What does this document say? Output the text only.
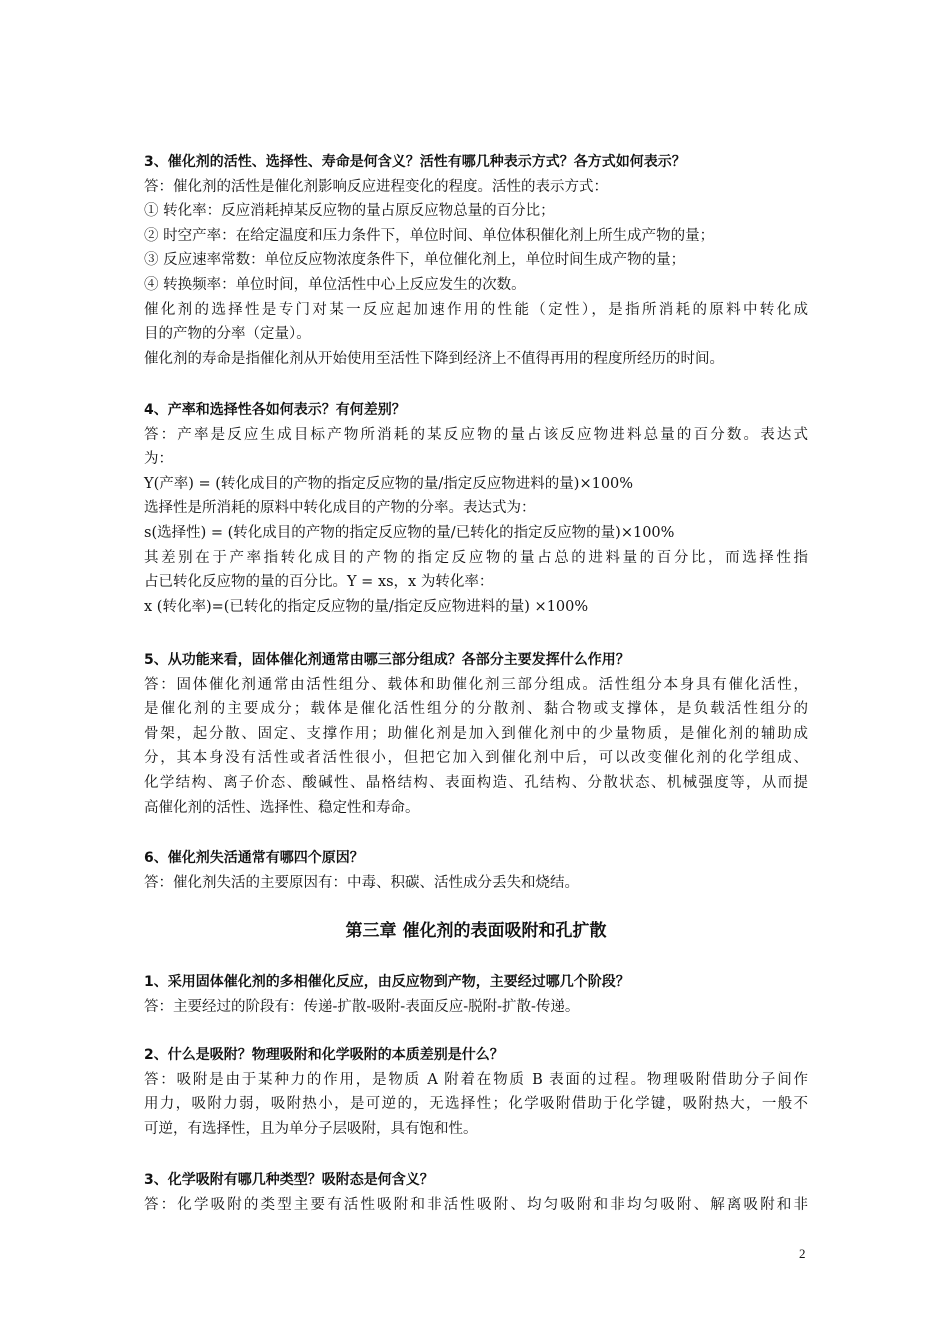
3、催化剂的活性、选择性、寿命是何含义？活性有哪几种表示方式？各方式如何表示？
答：催化剂的活性是催化剂影响反应进程变化的程度。活性的表示方式：
① 转化率：反应消耗掉某反应物的量占原反应物总量的百分比；
② 时空产率：在给定温度和压力条件下，单位时间、单位体积催化剂上所生成产物的量；
③ 反应速率常数：单位反应物浓度条件下，单位催化剂上，单位时间生成产物的量；
④ 转换频率：单位时间，单位活性中心上反应发生的次数。
催化剂的选择性是专门对某一反应起加速作用的性能（定性），是指所消耗的原料中转化成
目的产物的分率（定量）。
催化剂的寿命是指催化剂从开始使用至活性下降到经济上不值得再用的程度所经历的时间。
4、产率和选择性各如何表示？有何差别？
答：产率是反应生成目标产物所消耗的某反应物的量占该反应物进料总量的百分数。表达式
为：
Y(产率) = (转化成目的产物的指定反应物的量/指定反应物进料的量)×100%
选择性是所消耗的原料中转化成目的产物的分率。表达式为：
s(选择性) = (转化成目的产物的指定反应物的量/已转化的指定反应物的量)×100%
其差别在于产率指转化成目的产物的指定反应物的量占总的进料量的百分比，而选择性指
占已转化反应物的量的百分比。Y = xs，x 为转化率：
x (转化率)=(已转化的指定反应物的量/指定反应物进料的量) ×100%
5、从功能来看，固体催化剂通常由哪三部分组成？各部分主要发挥什么作用？
答：固体催化剂通常由活性组分、载体和助催化剂三部分组成。活性组分本身具有催化活性，
是催化剂的主要成分；载体是催化活性组分的分散剂、黏合物或支撑体，是负载活性组分的
骨架，起分散、固定、支撑作用；助催化剂是加入到催化剂中的少量物质，是催化剂的辅助成
分，其本身没有活性或者活性很小，但把它加入到催化剂中后，可以改变催化剂的化学组成、
化学结构、离子价态、酸碱性、晶格结构、表面构造、孔结构、分散状态、机械强度等，从而提
高催化剂的活性、选择性、稳定性和寿命。
6、催化剂失活通常有哪四个原因？
答：催化剂失活的主要原因有：中毒、积碳、活性成分丢失和烧结。
第三章 催化剂的表面吸附和孔扩散
1、采用固体催化剂的多相催化反应，由反应物到产物，主要经过哪几个阶段？
答：主要经过的阶段有：传递-扩散-吸附-表面反应-脱附-扩散-传递。
2、什么是吸附？物理吸附和化学吸附的本质差别是什么？
答：吸附是由于某种力的作用，是物质 A 附着在物质 B 表面的过程。物理吸附借助分子间作
用力，吸附力弱，吸附热小，是可逆的，无选择性；化学吸附借助于化学键，吸附热大，一般不
可逆，有选择性，且为单分子层吸附，具有饱和性。
3、化学吸附有哪几种类型？吸附态是何含义？
答：化学吸附的类型主要有活性吸附和非活性吸附、均匀吸附和非均匀吸附、解离吸附和非
2
